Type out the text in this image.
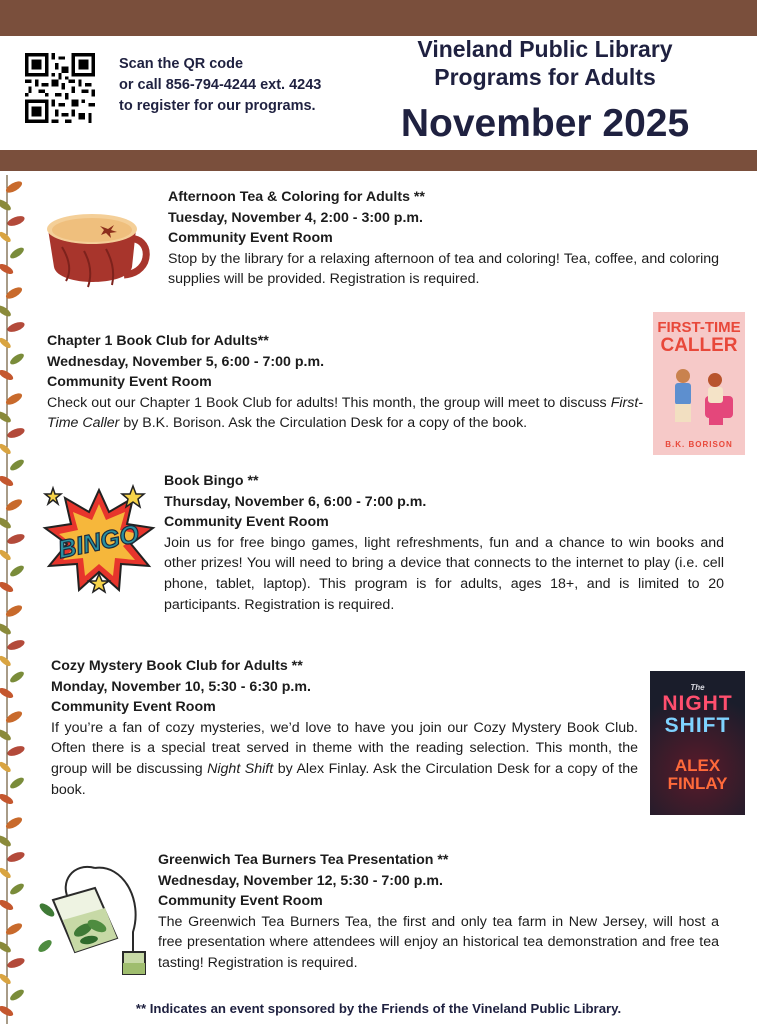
Scan the QR code
or call 856-794-4244 ext. 4243
to register for our programs.
Vineland Public Library
Programs for Adults
November 2025
Afternoon Tea & Coloring for Adults **
Tuesday, November 4, 2:00 - 3:00 p.m.
Community Event Room
Stop by the library for a relaxing afternoon of tea and coloring! Tea, coffee, and coloring supplies will be provided. Registration is required.
Chapter 1 Book Club for Adults**
Wednesday, November 5, 6:00 - 7:00 p.m.
Community Event Room
Check out our Chapter 1 Book Club for adults! This month, the group will meet to discuss First-Time Caller by B.K. Borison. Ask the Circulation Desk for a copy of the book.
FIRST-TIME
CALLER
B.K. BORISON
BINGO
Book Bingo **
Thursday, November 6, 6:00 - 7:00 p.m.
Community Event Room
Join us for free bingo games, light refreshments, fun and a chance to win books and other prizes! You will need to bring a device that connects to the internet to play (i.e. cell phone, tablet, laptop). This program is for adults, ages 18+, and is limited to 20 participants. Registration is required.
Cozy Mystery Book Club for Adults **
Monday, November 10, 5:30 - 6:30 p.m.
Community Event Room
If you’re a fan of cozy mysteries, we’d love to have you join our Cozy Mystery Book Club. Often there is a special treat served in theme with the reading selection. This month, the group will be discussing Night Shift by Alex Finlay. Ask the Circulation Desk for a copy of the book.
The
NIGHT
SHIFT
ALEX
FINLAY
Greenwich Tea Burners Tea Presentation **
Wednesday, November 12, 5:30 - 7:00 p.m.
Community Event Room
The Greenwich Tea Burners Tea, the first and only tea farm in New Jersey, will host a free presentation where attendees will enjoy an historical tea demonstration and free tea tasting! Registration is required.
** Indicates an event sponsored by the Friends of the Vineland Public Library.
